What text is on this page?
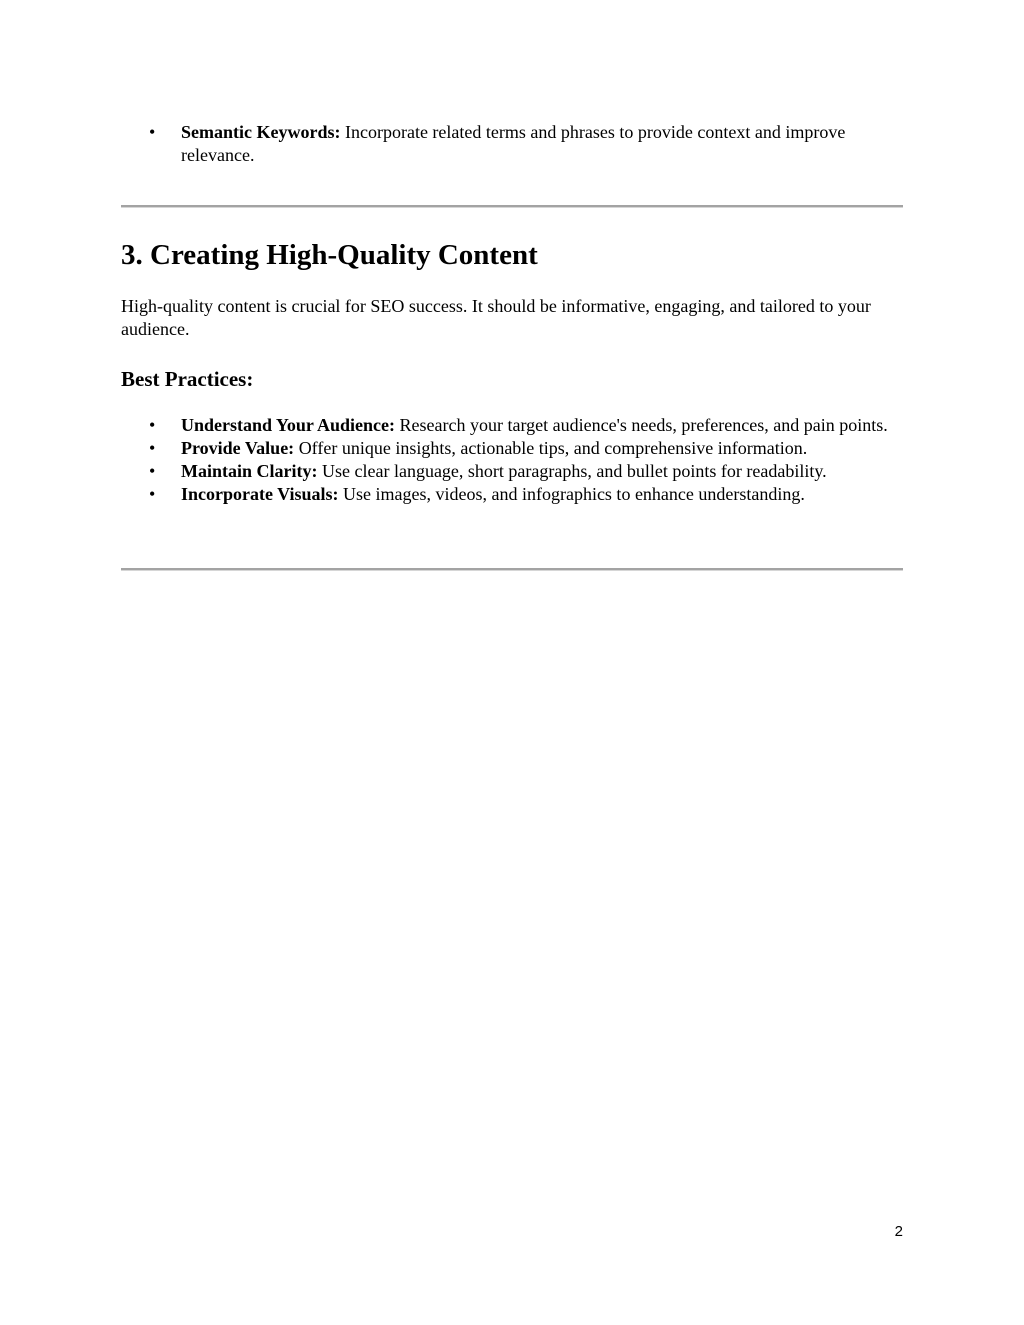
• Semantic Keywords: Incorporate related terms and phrases to provide context and improve relevance.
3. Creating High-Quality Content

High-quality content is crucial for SEO success. It should be informative, engaging, and tailored to your audience.

Best Practices:
• Understand Your Audience: Research your target audience's needs, preferences, and pain points.
• Provide Value: Offer unique insights, actionable tips, and comprehensive information.
• Maintain Clarity: Use clear language, short paragraphs, and bullet points for readability.
• Incorporate Visuals: Use images, videos, and infographics to enhance understanding.
2
